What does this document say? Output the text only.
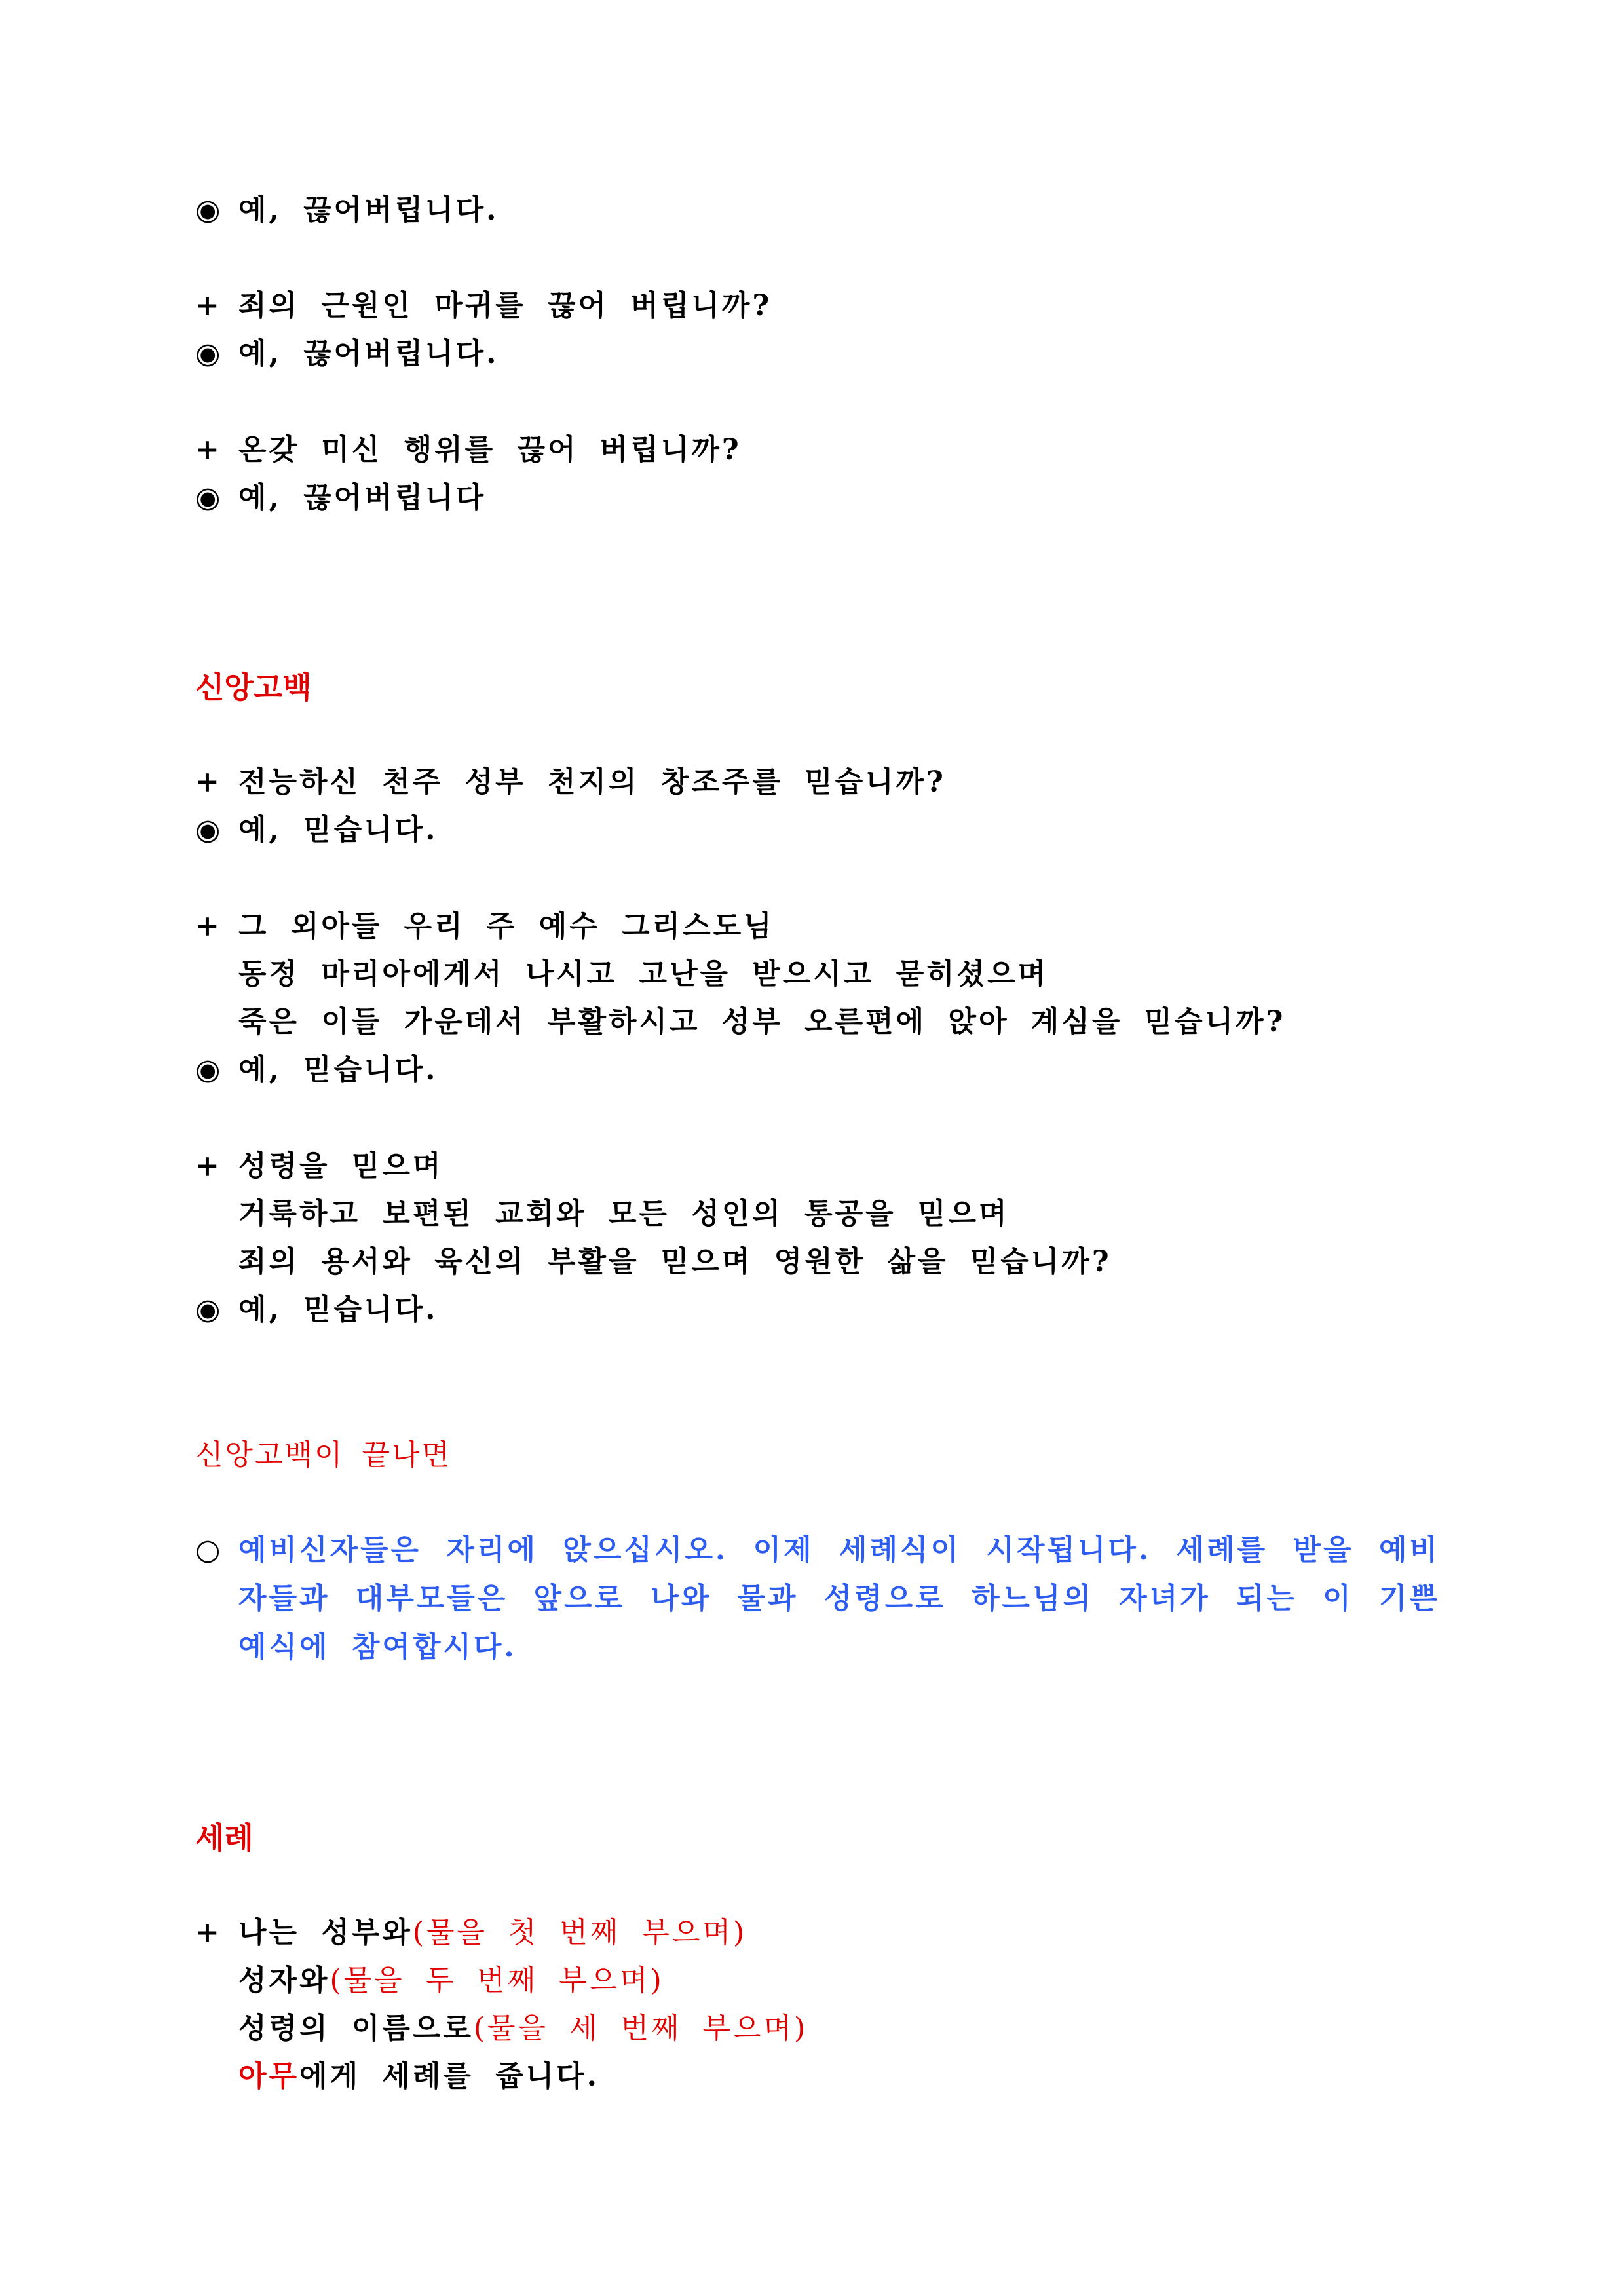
◉ 예, 끊어버립니다.
+ 죄의 근원인 마귀를 끊어 버립니까?
◉ 예, 끊어버립니다.
+ 온갖 미신 행위를 끊어 버립니까?
◉ 예, 끊어버립니다
신앙고백
+ 전능하신 천주 성부 천지의 창조주를 믿습니까?
◉ 예, 믿습니다.
+ 그 외아들 우리 주 예수 그리스도님
동정 마리아에게서 나시고 고난을 받으시고 묻히셨으며
죽은 이들 가운데서 부활하시고 성부 오른편에 앉아 계심을 믿습니까?
◉ 예, 믿습니다.
+ 성령을 믿으며
거룩하고 보편된 교회와 모든 성인의 통공을 믿으며
죄의 용서와 육신의 부활을 믿으며 영원한 삶을 믿습니까?
◉ 예, 믿습니다.
신앙고백이 끝나면
○ 예비신자들은 자리에 앉으십시오. 이제 세례식이 시작됩니다. 세례를 받을 예비자들과 대부모들은 앞으로 나와 물과 성령으로 하느님의 자녀가 되는 이 기쁜 예식에 참여합시다.
세례
+ 나는 성부와(물을 첫 번째 부으며)
성자와(물을 두 번째 부으며)
성령의 이름으로(물을 세 번째 부으며)
아무에게 세례를 줍니다.
